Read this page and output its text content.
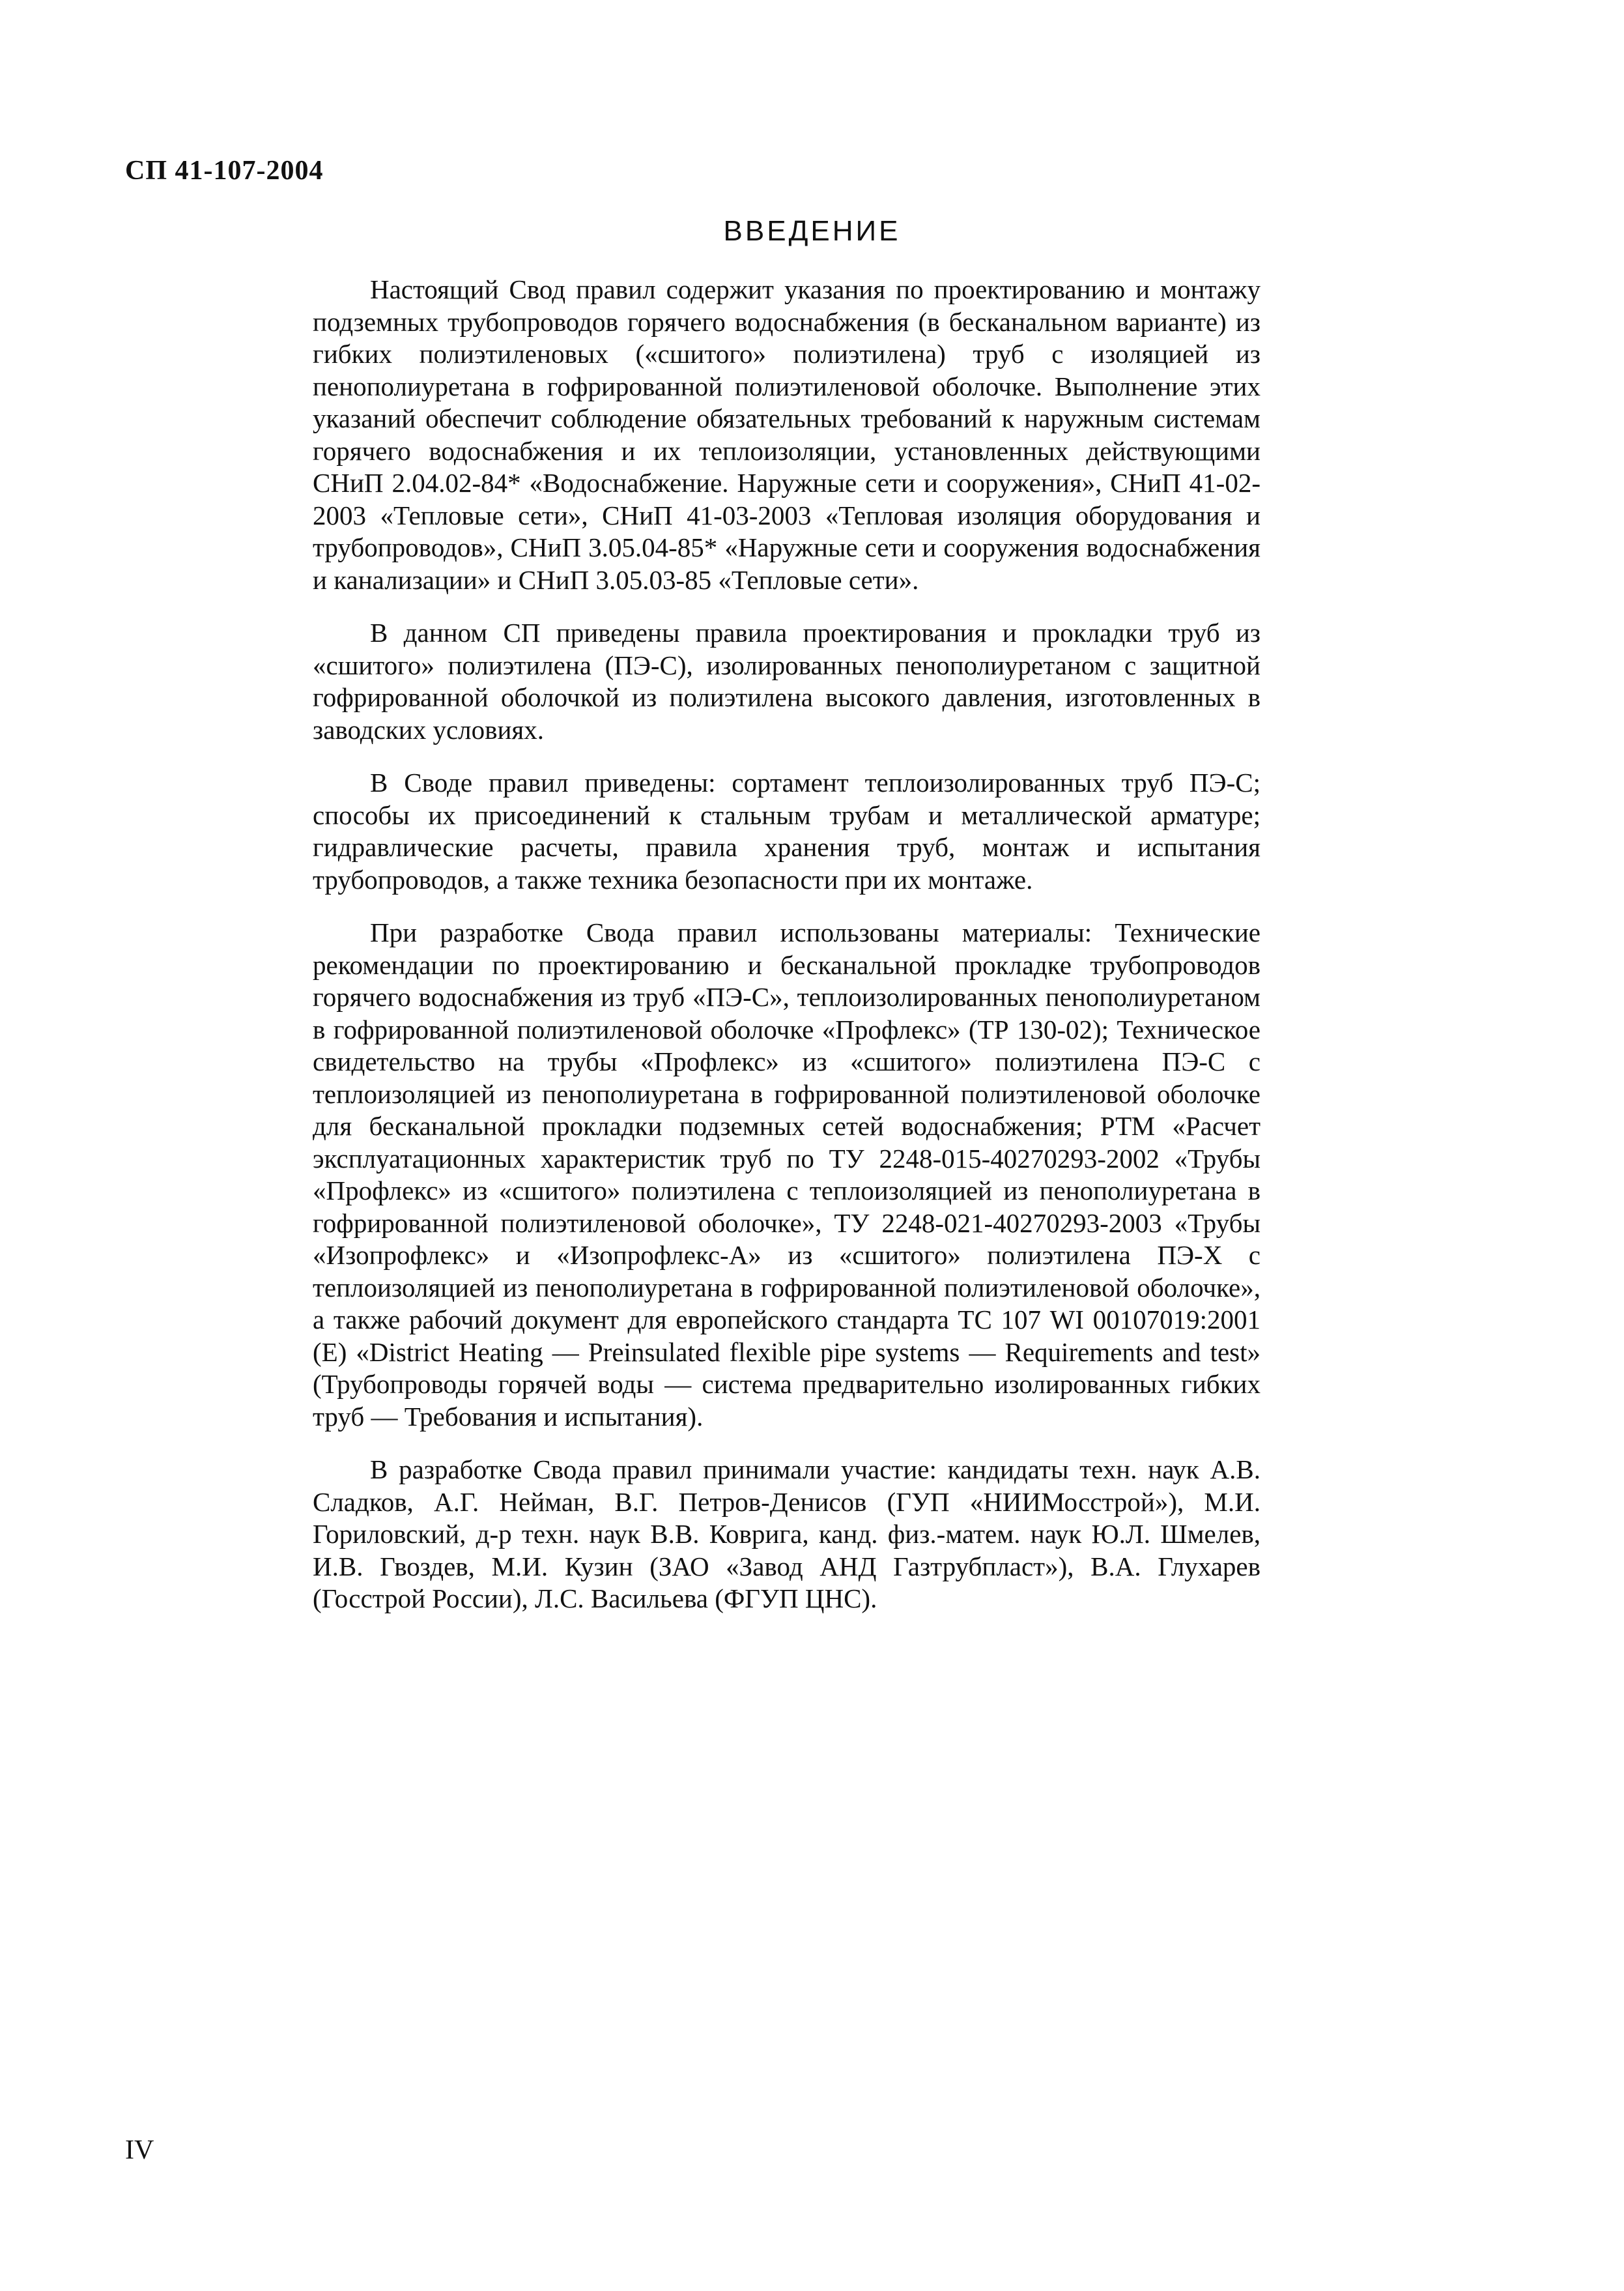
СП 41-107-2004
ВВЕДЕНИЕ

Настоящий Свод правил содержит указания по проектированию и монтажу подземных трубопроводов горячего водоснабжения (в бесканальном варианте) из гибких полиэтиленовых («сшитого» полиэтилена) труб с изоляцией из пенополиуретана в гофрированной полиэтиленовой оболочке. Выполнение этих указаний обеспечит соблюдение обязательных требований к наружным системам горячего водоснабжения и их теплоизоляции, установленных действующими СНиП 2.04.02-84* «Водоснабжение. Наружные сети и сооружения», СНиП 41-02-2003 «Тепловые сети», СНиП 41-03-2003 «Тепловая изоляция оборудования и трубопроводов», СНиП 3.05.04-85* «Наружные сети и сооружения водоснабжения и канализации» и СНиП 3.05.03-85 «Тепловые сети».

В данном СП приведены правила проектирования и прокладки труб из «сшитого» полиэтилена (ПЭ-С), изолированных пенополиуретаном с защитной гофрированной оболочкой из полиэтилена высокого давления, изготовленных в заводских условиях.

В Своде правил приведены: сортамент теплоизолированных труб ПЭ-С; способы их присоединений к стальным трубам и металлической арматуре; гидравлические расчеты, правила хранения труб, монтаж и испытания трубопроводов, а также техника безопасности при их монтаже.

При разработке Свода правил использованы материалы: Технические рекомендации по проектированию и бесканальной прокладке трубопроводов горячего водоснабжения из труб «ПЭ-С», теплоизолированных пенополиуретаном в гофрированной полиэтиленовой оболочке «Профлекс» (ТР 130-02); Техническое свидетельство на трубы «Профлекс» из «сшитого» полиэтилена ПЭ-С с теплоизоляцией из пенополиуретана в гофрированной полиэтиленовой оболочке для бесканальной прокладки подземных сетей водоснабжения; РТМ «Расчет эксплуатационных характеристик труб по ТУ 2248-015-40270293-2002 «Трубы «Профлекс» из «сшитого» полиэтилена с теплоизоляцией из пенополиуретана в гофрированной полиэтиленовой оболочке», ТУ 2248-021-40270293-2003 «Трубы «Изопрофлекс» и «Изопрофлекс-А» из «сшитого» полиэтилена ПЭ-Х с теплоизоляцией из пенополиуретана в гофрированной полиэтиленовой оболочке», а также рабочий документ для европейского стандарта ТС 107 WI 00107019:2001 (Е) «District Heating — Preinsulated flexible pipe systems — Requirements and test» (Трубопроводы горячей воды — система предварительно изолированных гибких труб — Требования и испытания).

В разработке Свода правил принимали участие: кандидаты техн. наук А.В. Сладков, А.Г. Нейман, В.Г. Петров-Денисов (ГУП «НИИМосстрой»), М.И. Гориловский, д-р техн. наук В.В. Коврига, канд. физ.-матем. наук Ю.Л. Шмелев, И.В. Гвоздев, М.И. Кузин (ЗАО «Завод АНД Газтрубпласт»), В.А. Глухарев (Госстрой России), Л.С. Васильева (ФГУП ЦНС).

IV
